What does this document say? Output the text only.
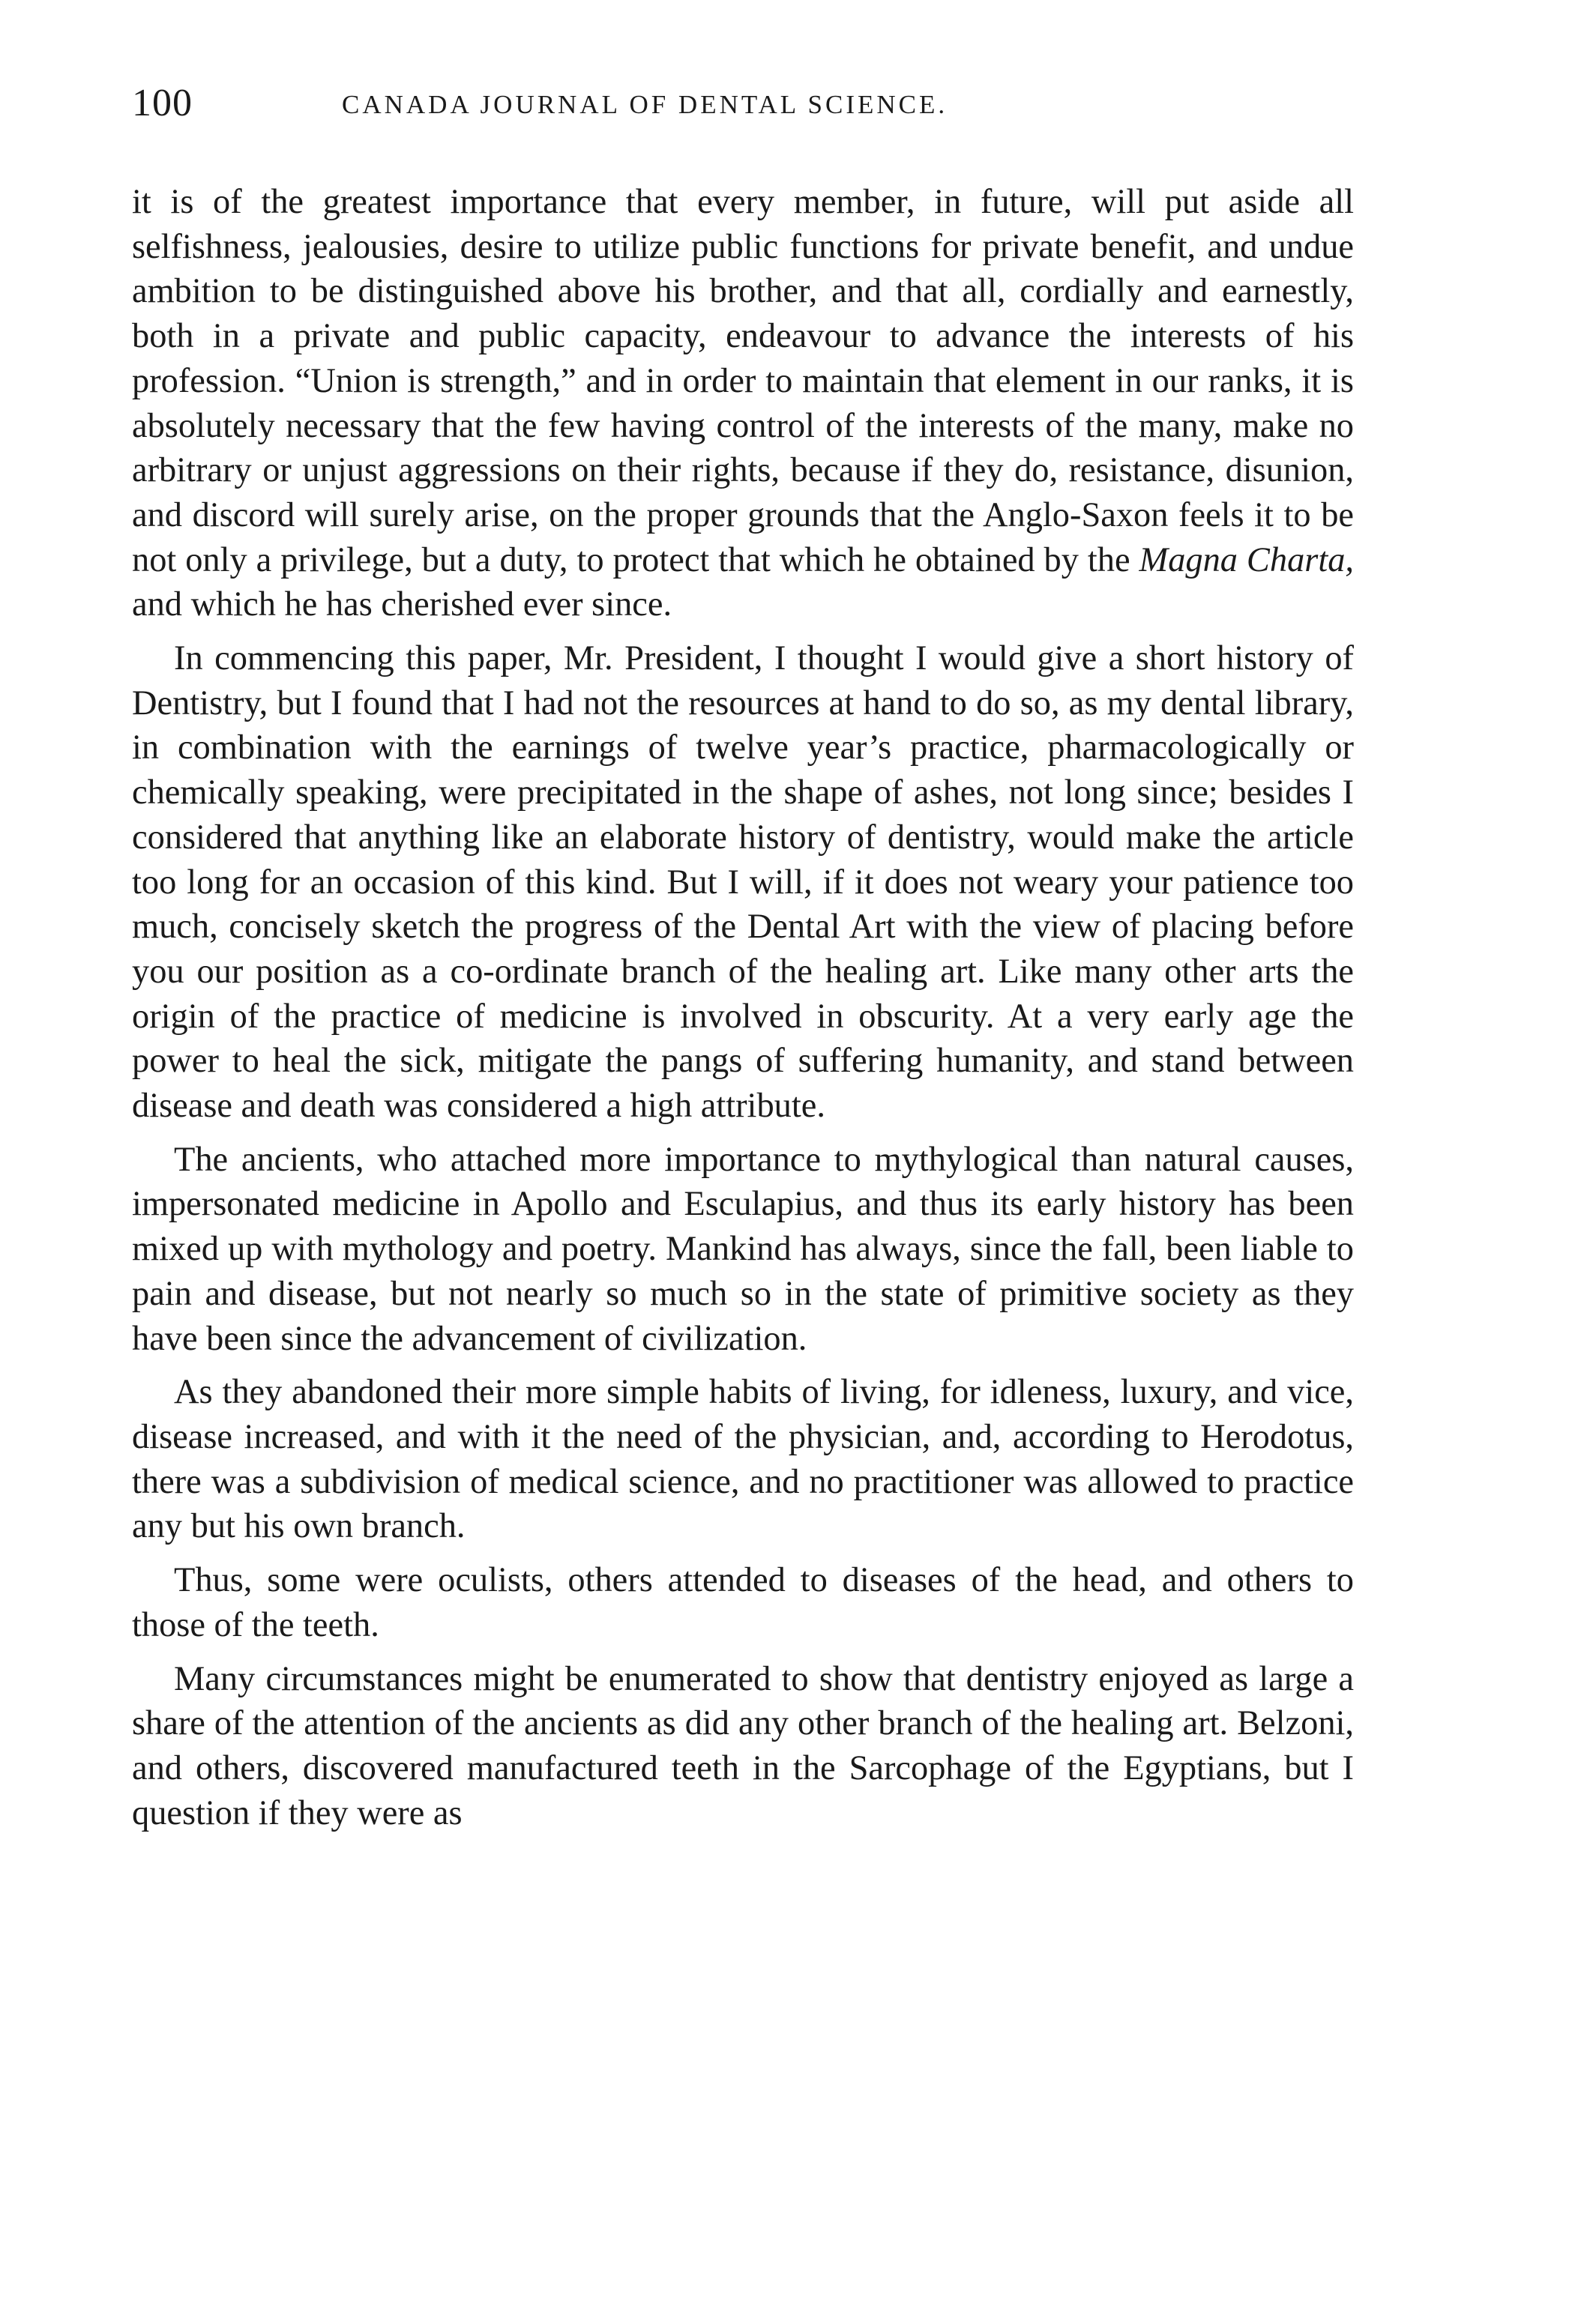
100	CANADA JOURNAL OF DENTAL SCIENCE.

it is of the greatest importance that every member, in future, will put aside all selfishness, jealousies, desire to utilize public functions for private benefit, and undue ambition to be distinguished above his brother, and that all, cordially and earnestly, both in a private and public capacity, endeavour to advance the interests of his profession. “Union is strength,” and in order to maintain that element in our ranks, it is absolutely necessary that the few having control of the interests of the many, make no arbitrary or unjust aggressions on their rights, because if they do, resistance, disunion, and discord will surely arise, on the proper grounds that the Anglo-Saxon feels it to be not only a privilege, but a duty, to protect that which he obtained by the Magna Charta, and which he has cherished ever since.

In commencing this paper, Mr. President, I thought I would give a short history of Dentistry, but I found that I had not the resources at hand to do so, as my dental library, in combination with the earnings of twelve year’s practice, pharmacologically or chemically speaking, were precipitated in the shape of ashes, not long since; besides I considered that anything like an elaborate history of dentistry, would make the article too long for an occasion of this kind. But I will, if it does not weary your patience too much, concisely sketch the progress of the Dental Art with the view of placing before you our position as a co-ordinate branch of the healing art. Like many other arts the origin of the practice of medicine is involved in obscurity. At a very early age the power to heal the sick, mitigate the pangs of suffering humanity, and stand between disease and death was considered a high attribute.

The ancients, who attached more importance to mythylogical than natural causes, impersonated medicine in Apollo and Esculapius, and thus its early history has been mixed up with mythology and poetry. Mankind has always, since the fall, been liable to pain and disease, but not nearly so much so in the state of primitive society as they have been since the advancement of civilization.

As they abandoned their more simple habits of living, for idleness, luxury, and vice, disease increased, and with it the need of the physician, and, according to Herodotus, there was a subdivision of medical science, and no practitioner was allowed to practice any but his own branch.

Thus, some were oculists, others attended to diseases of the head, and others to those of the teeth.

Many circumstances might be enumerated to show that dentistry enjoyed as large a share of the attention of the ancients as did any other branch of the healing art. Belzoni, and others, discovered manufactured teeth in the Sarcophage of the Egyptians, but I question if they were as
